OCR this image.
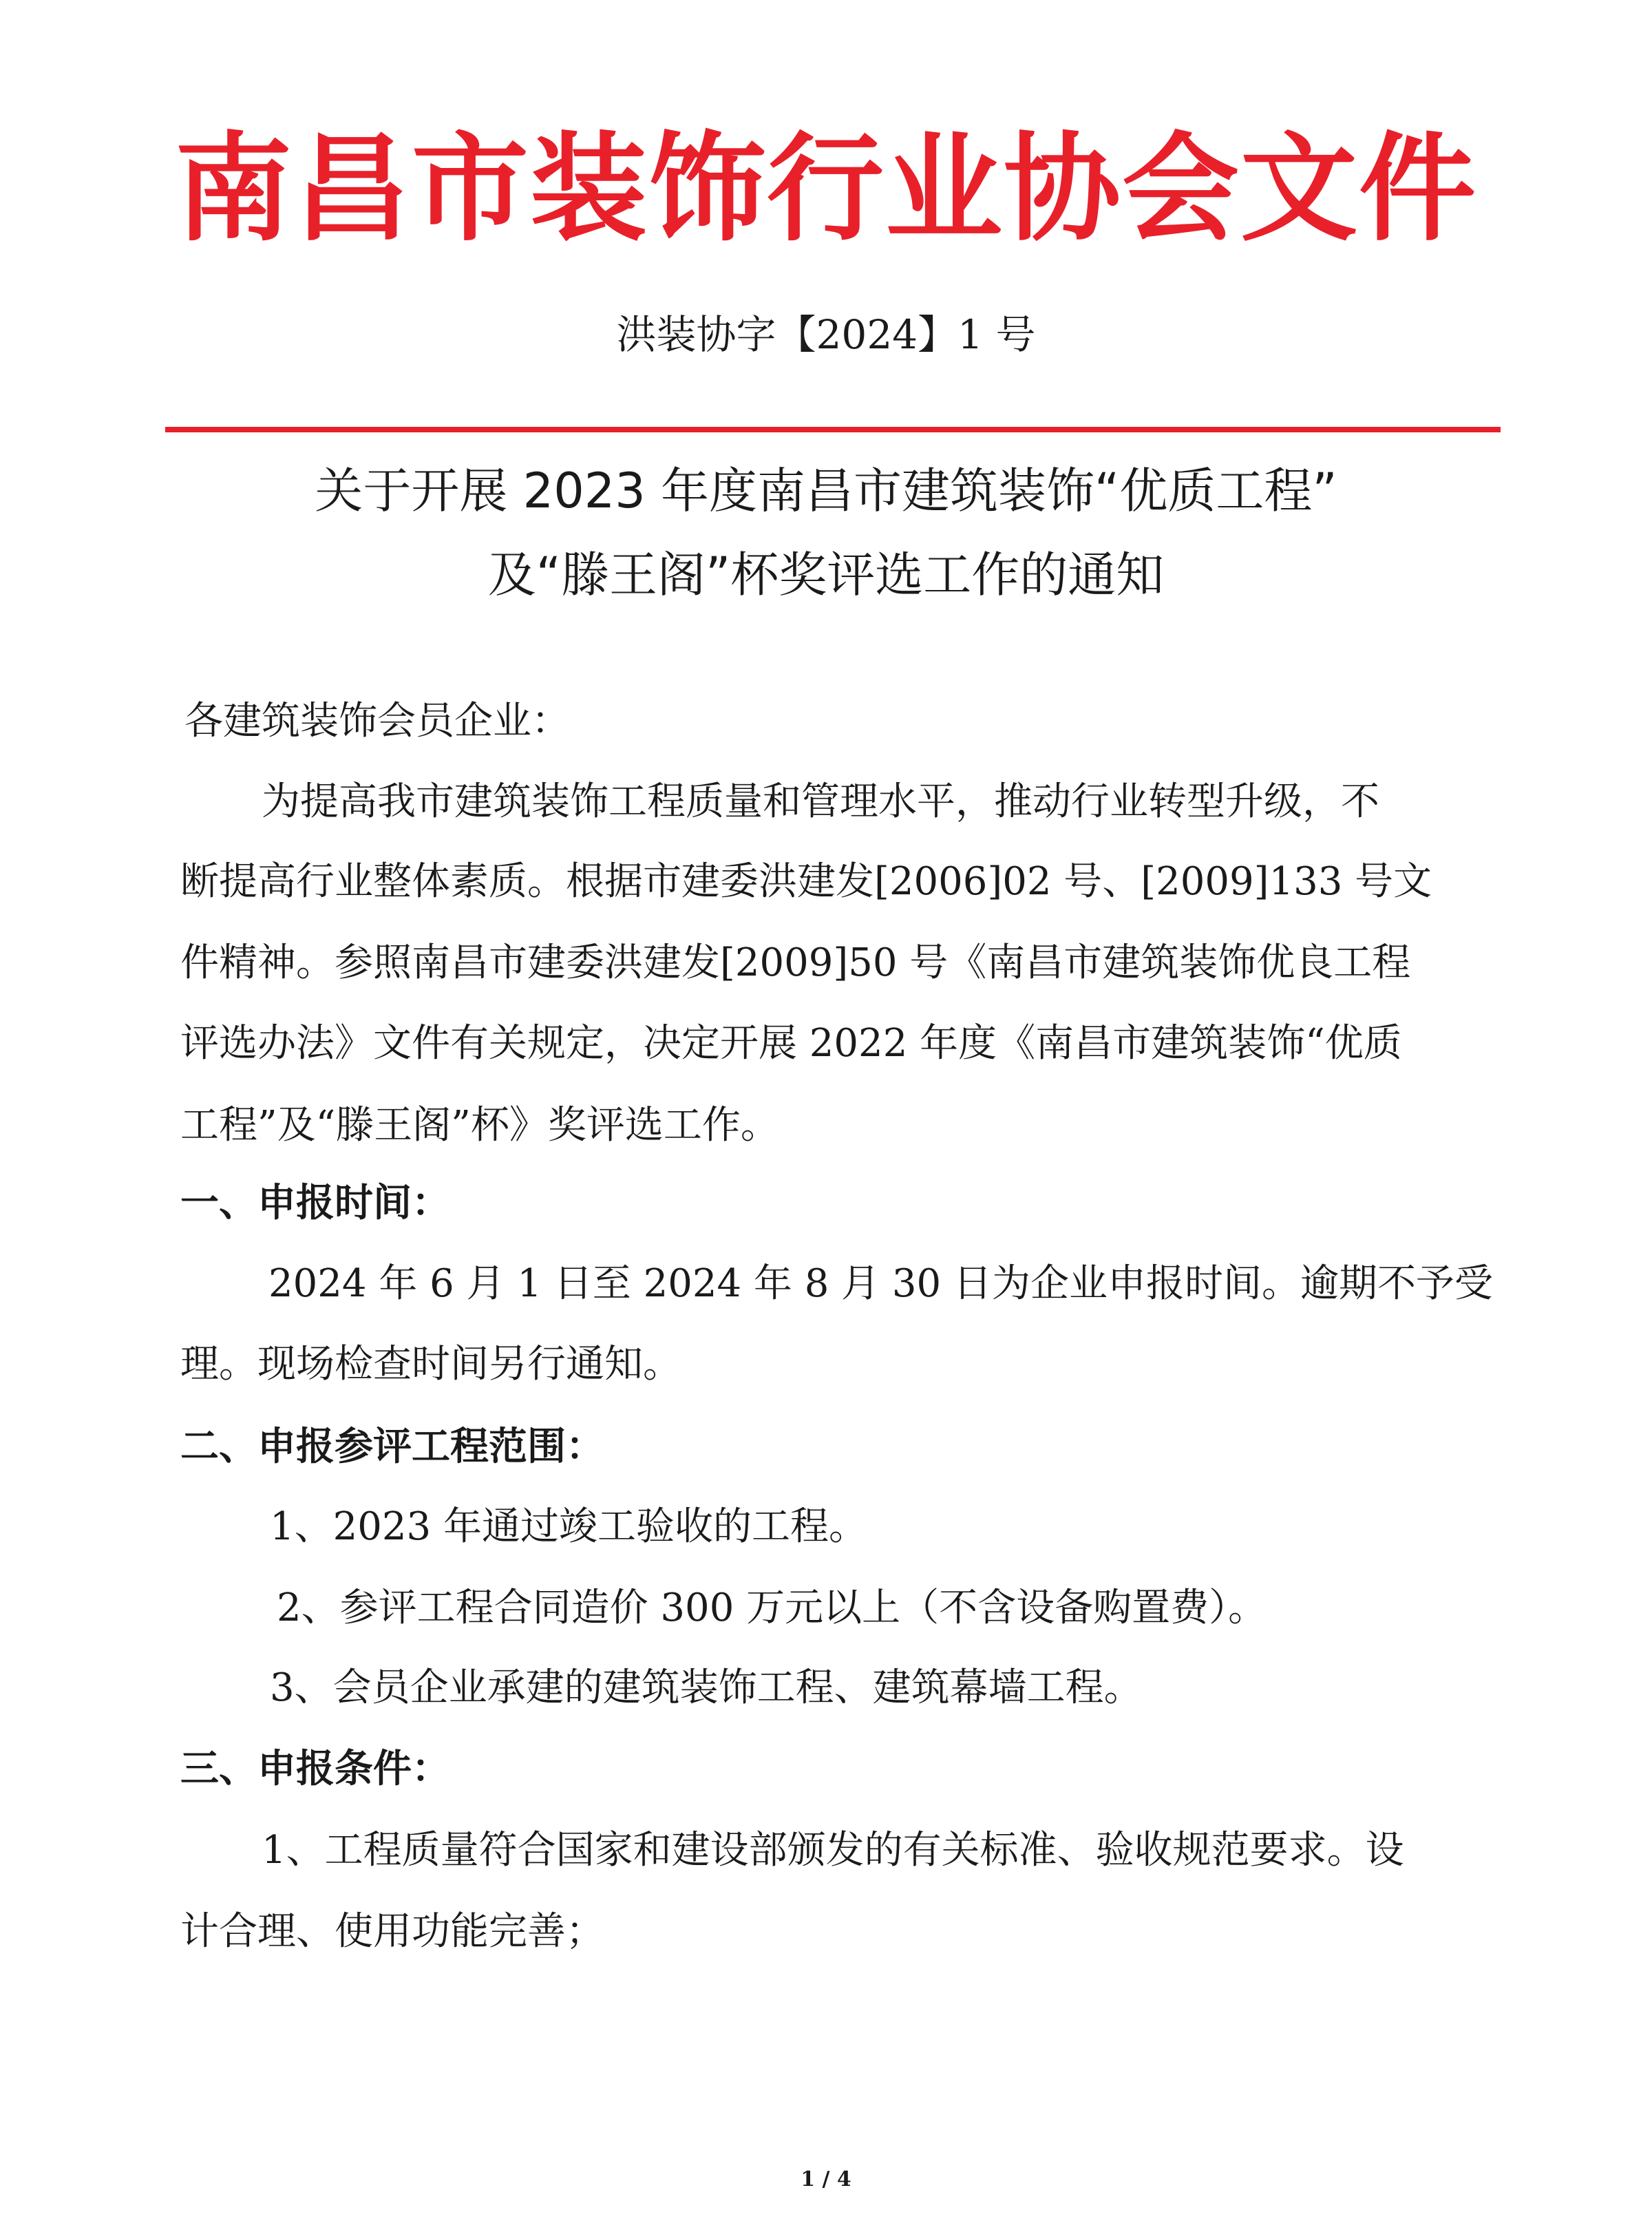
南昌市装饰行业协会文件
洪装协字【2024】1 号
关于开展 2023 年度南昌市建筑装饰“优质工程”
及“滕王阁”杯奖评选工作的通知
各建筑装饰会员企业：
为提高我市建筑装饰工程质量和管理水平，推动行业转型升级，不
断提高行业整体素质。根据市建委洪建发[2006]02 号、[2009]133 号文
件精神。参照南昌市建委洪建发[2009]50 号《南昌市建筑装饰优良工程
评选办法》文件有关规定，决定开展 2022 年度《南昌市建筑装饰“优质
工程”及“滕王阁”杯》奖评选工作。
一、申报时间：
2024 年 6 月 1 日至 2024 年 8 月 30 日为企业申报时间。逾期不予受
理。现场检查时间另行通知。
二、申报参评工程范围：
1、2023 年通过竣工验收的工程。
2、参评工程合同造价 300 万元以上（不含设备购置费）。
3、会员企业承建的建筑装饰工程、建筑幕墙工程。
三、申报条件：
1、工程质量符合国家和建设部颁发的有关标准、验收规范要求。设
计合理、使用功能完善；
1 / 4
